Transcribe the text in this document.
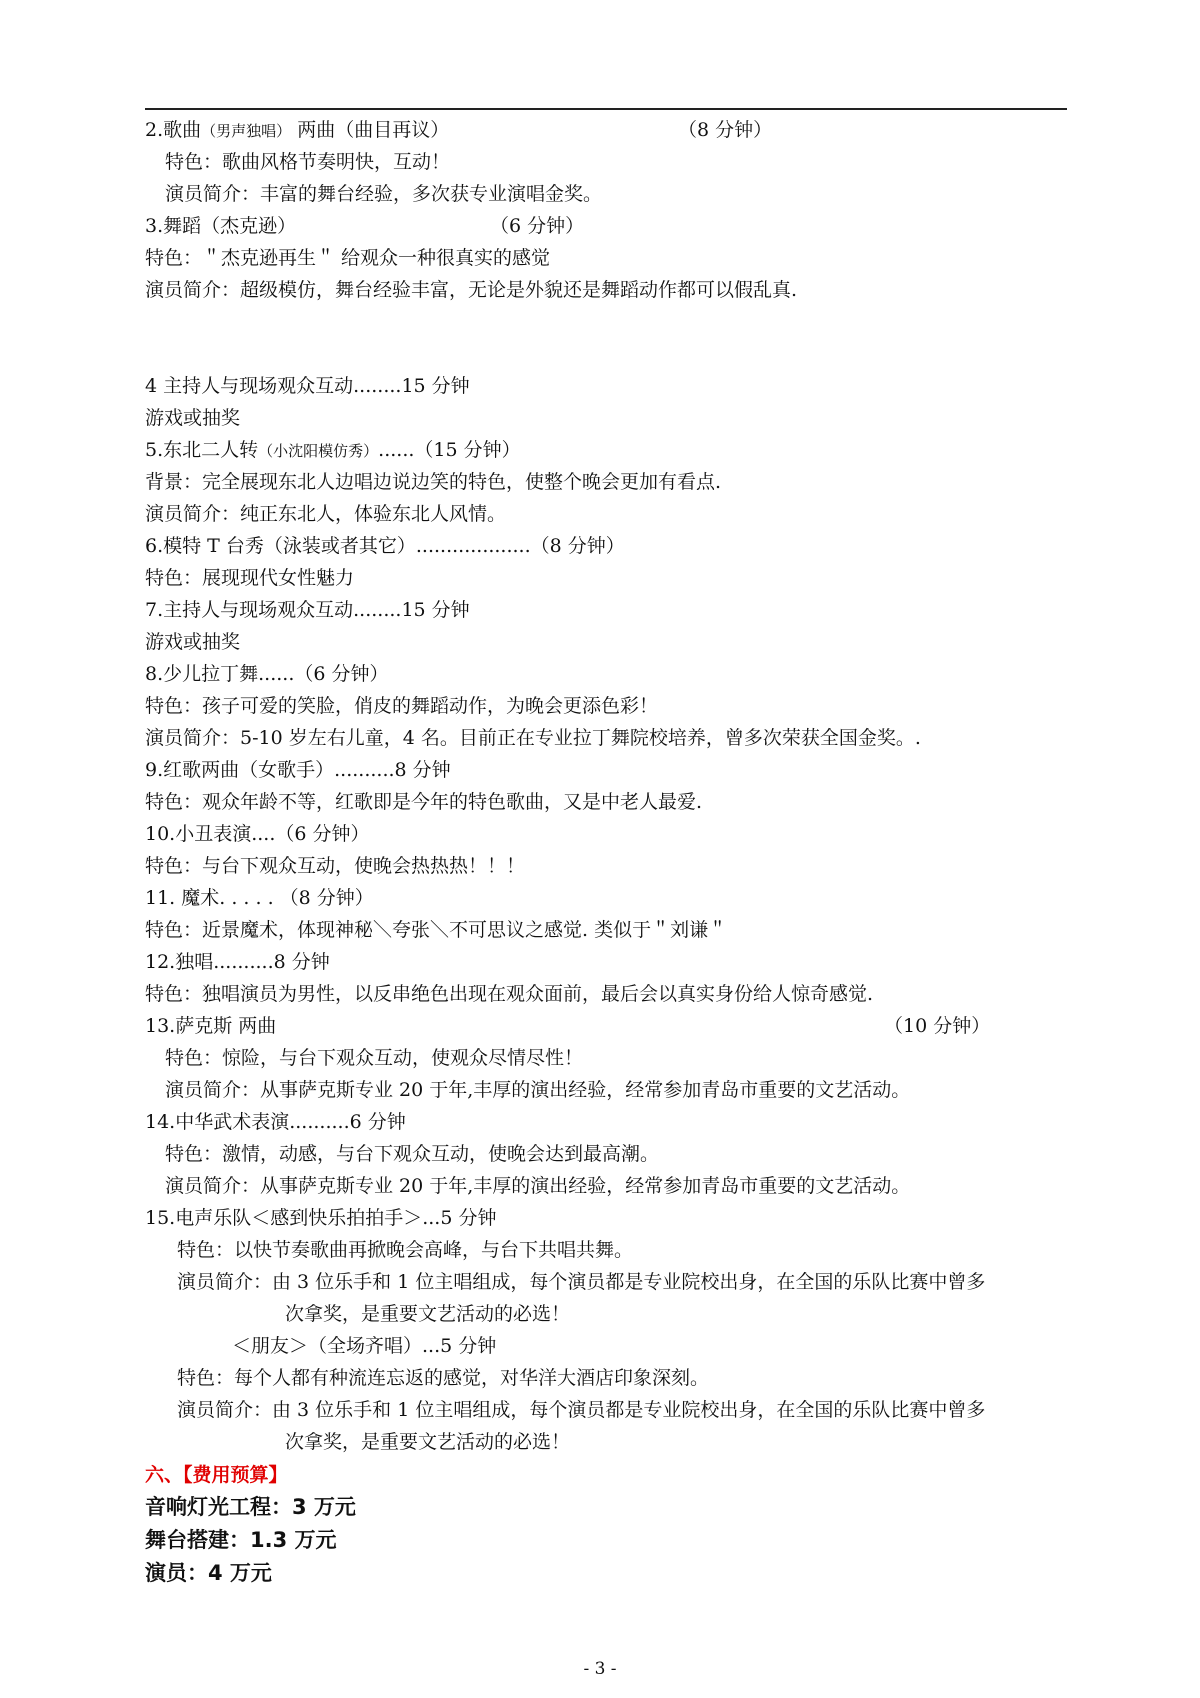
2.歌曲（男声独唱） 两曲（曲目再议）	（8 分钟）
特色：歌曲风格节奏明快，互动！
演员简介：丰富的舞台经验，多次获专业演唱金奖。
3.舞蹈（杰克逊）	（6 分钟）
特色：＂杰克逊再生＂ 给观众一种很真实的感觉
演员简介：超级模仿，舞台经验丰富，无论是外貌还是舞蹈动作都可以假乱真.
4 主持人与现场观众互动........15 分钟
游戏或抽奖
5.东北二人转（小沈阳模仿秀）......（15 分钟）
背景：完全展现东北人边唱边说边笑的特色，使整个晚会更加有看点.
演员简介：纯正东北人，体验东北人风情。
6.模特 T 台秀（泳装或者其它）...................（8 分钟）
特色：展现现代女性魅力
7.主持人与现场观众互动........15 分钟
游戏或抽奖
8.少儿拉丁舞......（6 分钟）
特色：孩子可爱的笑脸，俏皮的舞蹈动作，为晚会更添色彩！
演员简介：5-10 岁左右儿童，4 名。目前正在专业拉丁舞院校培养，曾多次荣获全国金奖。.
9.红歌两曲（女歌手）..........8 分钟
特色：观众年龄不等，红歌即是今年的特色歌曲，又是中老人最爱.
10.小丑表演....（6 分钟）
特色：与台下观众互动，使晚会热热热！！！
11. 魔术. . . . . （8 分钟）
特色：近景魔术，体现神秘＼夸张＼不可思议之感觉. 类似于＂刘谦＂
12.独唱..........8 分钟
特色：独唱演员为男性，以反串绝色出现在观众面前，最后会以真实身份给人惊奇感觉.
13.萨克斯 两曲	（10 分钟）
特色：惊险，与台下观众互动，使观众尽情尽性！
演员简介：从事萨克斯专业 20 于年,丰厚的演出经验，经常参加青岛市重要的文艺活动。
14.中华武术表演..........6 分钟
特色：激情，动感，与台下观众互动，使晚会达到最高潮。
演员简介：从事萨克斯专业 20 于年,丰厚的演出经验，经常参加青岛市重要的文艺活动。
15.电声乐队＜感到快乐拍拍手＞...5 分钟
特色：以快节奏歌曲再掀晚会高峰，与台下共唱共舞。
演员简介：由 3 位乐手和 1 位主唱组成，每个演员都是专业院校出身，在全国的乐队比赛中曾多
次拿奖，是重要文艺活动的必选！
＜朋友＞（全场齐唱）...5 分钟
特色：每个人都有种流连忘返的感觉，对华洋大酒店印象深刻。
演员简介：由 3 位乐手和 1 位主唱组成，每个演员都是专业院校出身，在全国的乐队比赛中曾多
次拿奖，是重要文艺活动的必选！
六、【费用预算】
音响灯光工程：3 万元
舞台搭建：1.3 万元
演员：4 万元
- 3 -
